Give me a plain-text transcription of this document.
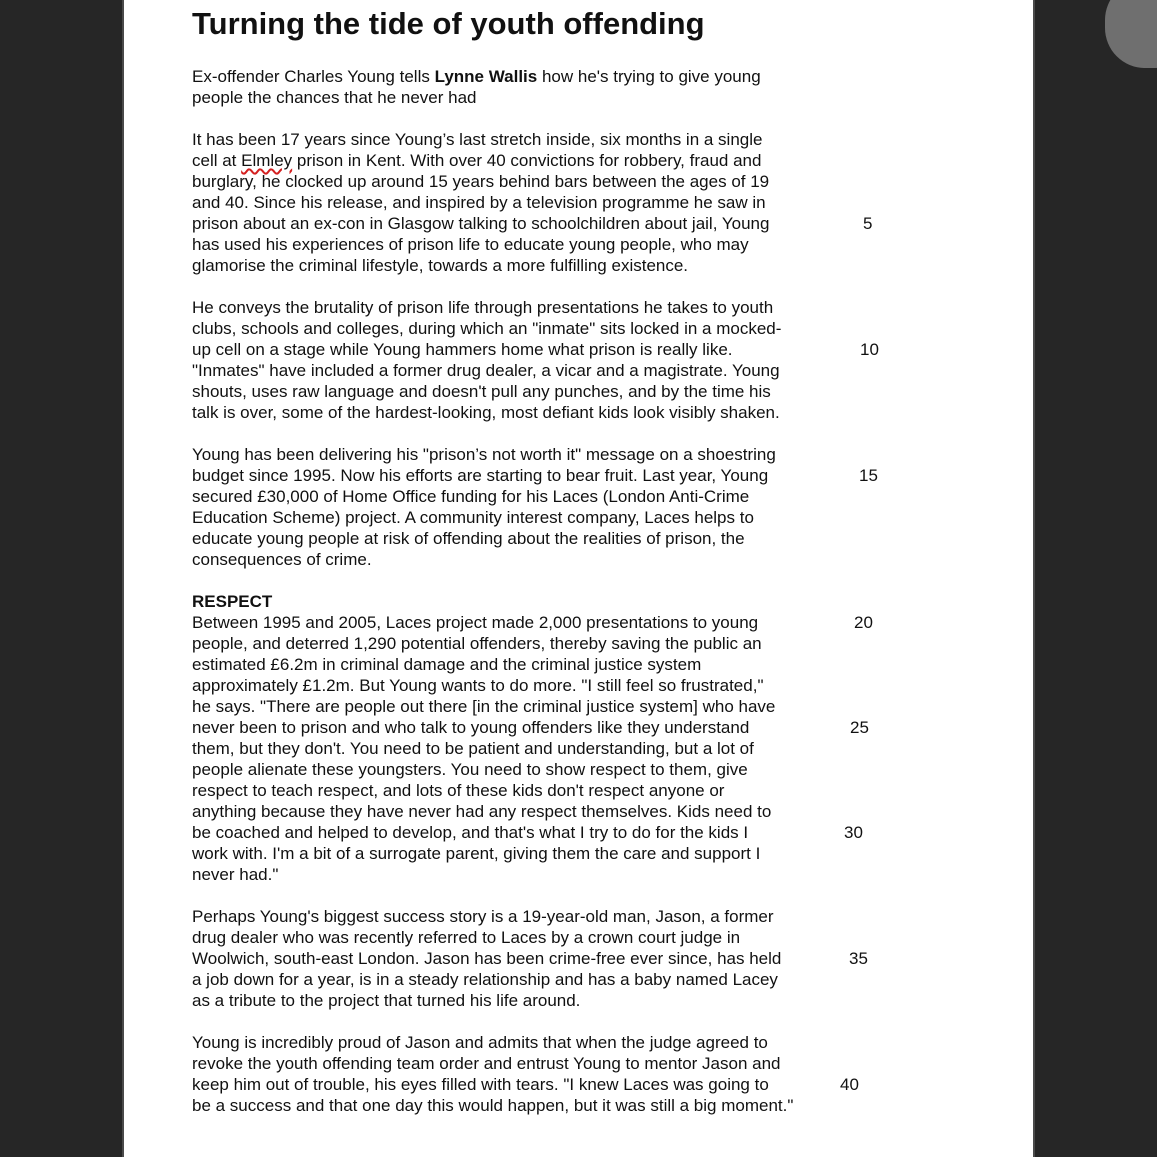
Turning the tide of youth offending
Ex-offender Charles Young tells Lynne Wallis how he's trying to give young
people the chances that he never had
It has been 17 years since Young’s last stretch inside, six months in a single
cell at Elmley prison in Kent. With over 40 convictions for robbery, fraud and
burglary, he clocked up around 15 years behind bars between the ages of 19
and 40. Since his release, and inspired by a television programme he saw in
prison about an ex-con in Glasgow talking to schoolchildren about jail, Young	5
has used his experiences of prison life to educate young people, who may
glamorise the criminal lifestyle, towards a more fulfilling existence.
He conveys the brutality of prison life through presentations he takes to youth
clubs, schools and colleges, during which an "inmate" sits locked in a mocked-
up cell on a stage while Young hammers home what prison is really like.	10
"Inmates" have included a former drug dealer, a vicar and a magistrate. Young
shouts, uses raw language and doesn't pull any punches, and by the time his
talk is over, some of the hardest-looking, most defiant kids look visibly shaken.
Young has been delivering his "prison’s not worth it" message on a shoestring
budget since 1995. Now his efforts are starting to bear fruit. Last year, Young	15
secured £30,000 of Home Office funding for his Laces (London Anti-Crime
Education Scheme) project. A community interest company, Laces helps to
educate young people at risk of offending about the realities of prison, the
consequences of crime.
RESPECT
Between 1995 and 2005, Laces project made 2,000 presentations to young	20
people, and deterred 1,290 potential offenders, thereby saving the public an
estimated £6.2m in criminal damage and the criminal justice system
approximately £1.2m. But Young wants to do more. "I still feel so frustrated,"
he says. "There are people out there [in the criminal justice system] who have
never been to prison and who talk to young offenders like they understand	25
them, but they don't. You need to be patient and understanding, but a lot of
people alienate these youngsters. You need to show respect to them, give
respect to teach respect, and lots of these kids don't respect anyone or
anything because they have never had any respect themselves. Kids need to
be coached and helped to develop, and that's what I try to do for the kids I	30
work with. I'm a bit of a surrogate parent, giving them the care and support I
never had."
Perhaps Young's biggest success story is a 19-year-old man, Jason, a former
drug dealer who was recently referred to Laces by a crown court judge in
Woolwich, south-east London. Jason has been crime-free ever since, has held	35
a job down for a year, is in a steady relationship and has a baby named Lacey
as a tribute to the project that turned his life around.
Young is incredibly proud of Jason and admits that when the judge agreed to
revoke the youth offending team order and entrust Young to mentor Jason and
keep him out of trouble, his eyes filled with tears. "I knew Laces was going to	40
be a success and that one day this would happen, but it was still a big moment."
